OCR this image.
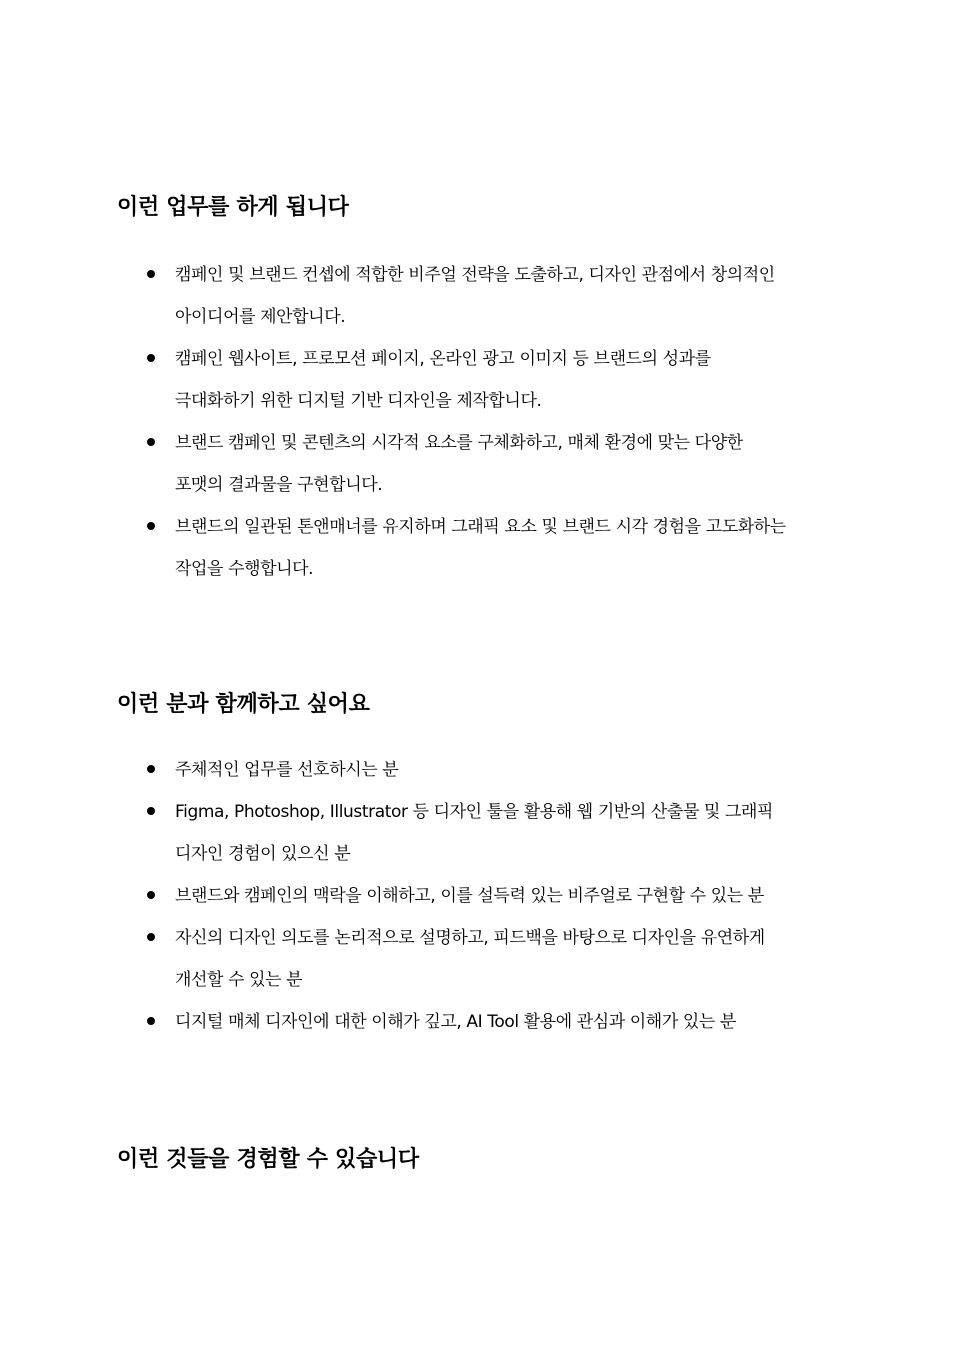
이런 업무를 하게 됩니다
캠페인 및 브랜드 컨셉에 적합한 비주얼 전략을 도출하고, 디자인 관점에서 창의적인
아이디어를 제안합니다.
캠페인 웹사이트, 프로모션 페이지, 온라인 광고 이미지 등 브랜드의 성과를
극대화하기 위한 디지털 기반 디자인을 제작합니다.
브랜드 캠페인 및 콘텐츠의 시각적 요소를 구체화하고, 매체 환경에 맞는 다양한
포맷의 결과물을 구현합니다.
브랜드의 일관된 톤앤매너를 유지하며 그래픽 요소 및 브랜드 시각 경험을 고도화하는
작업을 수행합니다.
이런 분과 함께하고 싶어요
주체적인 업무를 선호하시는 분
Figma, Photoshop, Illustrator 등 디자인 툴을 활용해 웹 기반의 산출물 및 그래픽
디자인 경험이 있으신 분
브랜드와 캠페인의 맥락을 이해하고, 이를 설득력 있는 비주얼로 구현할 수 있는 분
자신의 디자인 의도를 논리적으로 설명하고, 피드백을 바탕으로 디자인을 유연하게
개선할 수 있는 분
디지털 매체 디자인에 대한 이해가 깊고, AI Tool 활용에 관심과 이해가 있는 분
이런 것들을 경험할 수 있습니다
